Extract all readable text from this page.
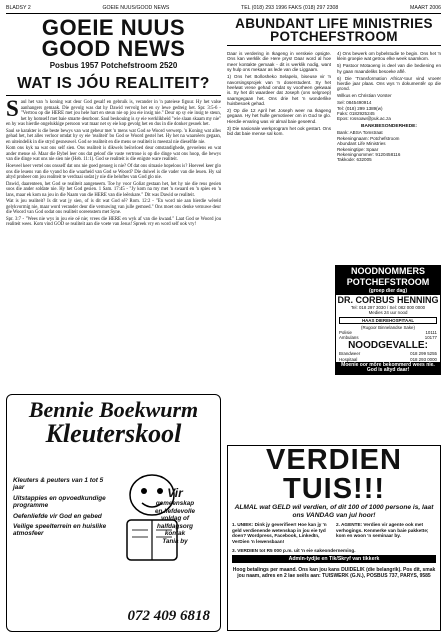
BLADSY 2	GOEIE NUUS/GOOD NEWS	TEL (018) 293 1996 FAKS (018) 297 2308	MAART 2006
GOEIE NUUS
GOOD NEWS
Posbus 1957 Potchefstroom 2520
WAT IS JÓU REALITEIT?

Saul het van 'n koning wat deur God gesalf en gebruik is, verander in 'n pateiese figuur. Hy het valse aanhangers gemaak. Die gevolg was dat hy Dawid vervolg het en sy lewe gedreig het. Spr. 3:5-6 - "Vertrou op die HERE met jou hele hart en steun nie op jou eie insig nie." Deur op sy eie insig te steun, het hy homself met baie smarte deurboor. Saul beskouing is sy eie werklikheid "wie slaan skaam my nie" en hy was hierdie ongelukkige persoon wat maar net sy eie kop gevolg het en dus in die donker gesoek het.

Saul se karakter is die beste bewys van wat gebeur met 'n mens wat God se Woord verwerp. 'n Koning wat alles gehad het, het alles verloor omdat hy sy eie 'realiteit' bo God se Woord gestel het. Hy het na waarsêers gegaan, en uiteindelik in die stryd gesneuwel. God se realiteit en die mens se realiteit is meestal nie dieselfde nie.

Kom ons kyk na wat ons self sien. Ons realiteit is dikwels beïnvloed deur omstandighede, gevoelens en wat ander mense sê. Maar die Bybel leer ons dat geloof die vaste vertroue is op die dinge wat ons hoop, die bewys van die dinge wat ons nie sien nie (Heb. 11:1). God se realiteit is die enigste ware realiteit.

Hoeveel keer vertel ons onsself dat ons nie goed genoeg is nie? Of dat ons situasie hopeloos is? Hoeveel keer glo ons die leuens van die vyand bo die waarheid van God se Woord? Die duiwel is die vader van die leuen. Hy sal altyd probeer om jou realiteit te verdraai sodat jy nie die beloftes van God glo nie.

Dawid, daarenteen, het God se realiteit aangeneem. Toe hy voor Goliat gestaan het, het hy nie die reus gesien soos die ander soldate nie. Hy het God gesien. 1 Sam. 17:45 - "Jy kom na my met 'n swaard en 'n spies en 'n lans, maar ek kom na jou in die Naam van die HERE van die leërskare." Dit was Dawid se realiteit.

Wat is jou realiteit? Is dit wat jy sien, of is dit wat God sê? Rom. 12:2 - "En word nie aan hierdie wêreld gelykvormig nie, maar word verander deur die vernuwing van julle gemoed." Ons moet ons denke vernuwe deur die Woord van God sodat ons realiteit ooreenstem met Syne.

Spr. 3:7 - "Wees nie wys in jou eie oë nie; vrees die HERE en wyk af van die kwaad." Laat God se Woord jou realiteit wees. Kom vind GOD se realiteit aan die voete van Jesus! Spreek vry en word self ook vry!

ABUNDANT LIFE MINISTRIES
POTCHEFSTROOM

Daar is verdering in Ikageng in verskeie opsigte. Ons kan werklik die Here prys! Daar word al hoe meer kontakte gemaak - dit is werklik nodig, want sy hulp ons mekaar as lede van die Liggaam.

1) Ons het Bollosheko Selapelo, biseuse vir 'n navorsingsprojek van 'n doserstudent. Sy het heelwat vrese gehad omdat sy voorheen gekwaai is. Sy het dit waardeer dat Joseph (ons selgroep) saamgegaan het. Ons drie het 'n wonderlike huisbesoek gehad.

2) Op die 12 April het Joseph weer na Ikageng gegaan. Hy het hulle gemotiveer om in God te glo. Hierdie ervaring was vir almal baie geseënd.

3) Die nasionale werkprogram het ook gestart. Ons bid dat baie mense sal kom.

4) Ons bewerk om bybelstudie te begin. Ons het 'n klein groepie wat getrou elke week saamkom.

5) Pastoor Motaoeng is deel van die bediening en hy gaan maandeliks besoeke aflê.

6) Die 'Transformation Africa'-tour vind vroeër hierdie jaar plaas. Ons wys 'n dokumentêr op die grond.

Wilkus en Christian Vorster

Sel: 0845490914
Tel: (018) 299 1389(w)
Faks: 0182925245
Epos: rossoaw@puk.ac.za

BANKBESONDERHEDE:

Bank: ABSA Tomstraat
Rekeningnaam: Potchefstroom
Abundant Life Ministries
Rekeningtipe: Spaar
Rekeningnommer: 9120458116
Takkode: 632005

NOODNOMMERS
POTCHEFSTROOM
(groep dier dag)
DR. CORBUS HENNING
Tel: 018 297 3030 / Sel: 082 000 0000
Medies 24 uur nood
HAAS DIEREHOSPITAAL
(Rugoor Binnelandse Sake)
Polisie	10111
Ambulans	10177
NOODGEVALLE:
Brandweer	018 299 5255
Hospitaal	018 293 0000
Moenie oor môre bekommerd wees nie. God is altyd daar!
Bennie Boekwurm
Kleuterskool
Kleuters & peuters van 1 tot 5 jaar
Uitstappies en opvoedkundige programme
Oefenliefde vir God en gebed
Veilige speelterrein en huislike atmosfeer
Vir
gemeenskap
en liefdevolle
voldag of
halfdagsorg
kontak
Tania by
072 409 6818
VERDIEN TUIS!!!
ALMAL wat GELD wil verdien, of dit 100 of 1000 persone is, laat ons VANDAG van jul hoor!
1. UNIEK: Dink jy geverifieer! Hoe kan jy 'n geld verdienende wetenskap in jou eie tyd doen? Wordpress, Facebook, LinkedIn, VerDien 'n lewensbaan!
2. AGENTE: Verdien vir agente ook met verhogings. Kenmerke van baie pakkette; kom en woon 'n seminaar by.
3. VERDIEN tot R5 000 p.m. uit 'n eie sakeonderneming.
Admin-tydjie en Tik/Skryf van tikkerk
Hoog betalings per maand. Ons kan jou kans DUIDELIK (die belangrik). Pos dit, smak jou naam, adres en 2 lae seëls aan: TUISWERK (G.N.), POSBUS 737, PARYS, 9585
